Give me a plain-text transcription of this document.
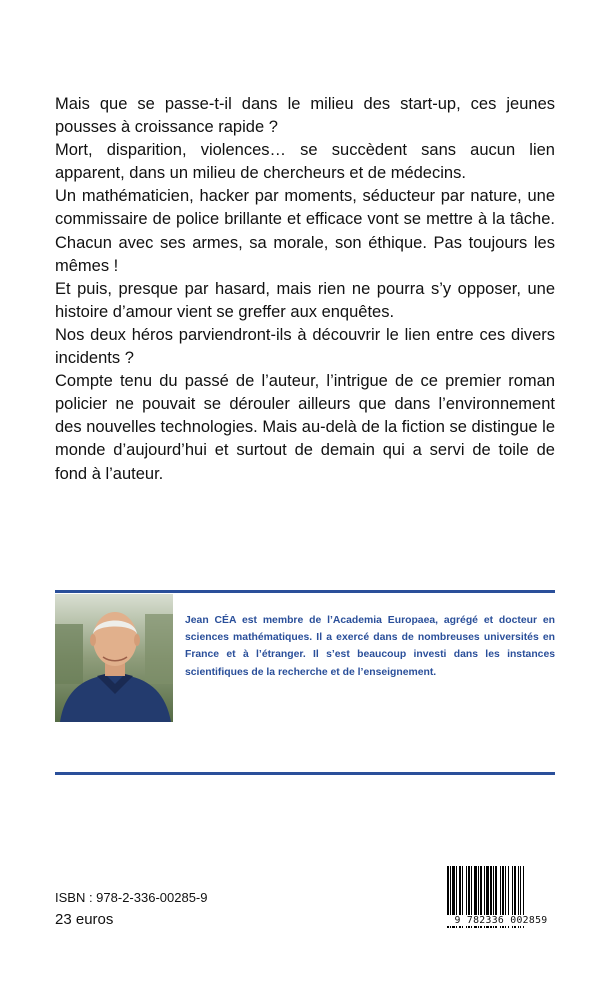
Mais que se passe-t-il dans le milieu des start-up, ces jeunes pousses à croissance rapide ?

Mort, disparition, violences… se succèdent sans aucun lien apparent, dans un milieu de chercheurs et de médecins.

Un mathématicien, hacker par moments, séducteur par nature, une commissaire de police brillante et efficace vont se mettre à la tâche. Chacun avec ses armes, sa morale, son éthique. Pas toujours les mêmes !

Et puis, presque par hasard, mais rien ne pourra s’y opposer, une histoire d’amour vient se greffer aux enquêtes.

Nos deux héros parviendront-ils à découvrir le lien entre ces divers incidents ?

Compte tenu du passé de l’auteur, l’intrigue de ce premier roman policier ne pouvait se dérouler ailleurs que dans l’environnement des nouvelles technologies. Mais au-delà de la fiction se distingue le monde d’aujourd’hui et surtout de demain qui a servi de toile de fond à l’auteur.

Jean CÉA est membre de l’Academia Europaea, agrégé et docteur en sciences mathématiques. Il a exercé dans de nombreuses universités en France et à l’étranger. Il s’est beaucoup investi dans les instances scientifiques de la recherche et de l’enseignement.
ISBN : 978-2-336-00285-9
23 euros	9 782336 002859
